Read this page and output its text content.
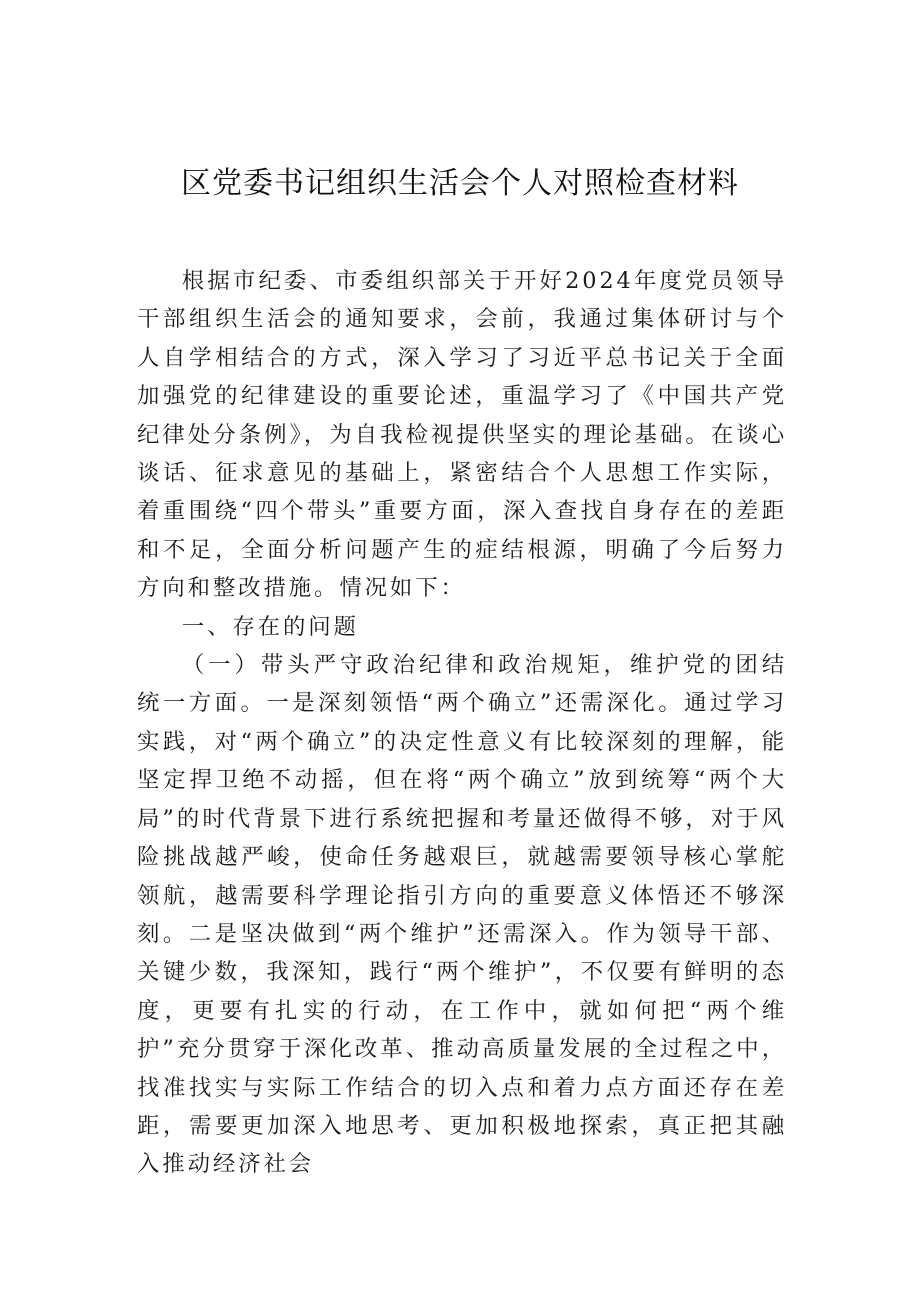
区党委书记组织生活会个人对照检查材料

根据市纪委、市委组织部关于开好2024年度党员领导干部组织生活会的通知要求，会前，我通过集体研讨与个人自学相结合的方式，深入学习了习近平总书记关于全面加强党的纪律建设的重要论述，重温学习了《中国共产党纪律处分条例》，为自我检视提供坚实的理论基础。在谈心谈话、征求意见的基础上，紧密结合个人思想工作实际，着重围绕“四个带头”重要方面，深入查找自身存在的差距和不足，全面分析问题产生的症结根源，明确了今后努力方向和整改措施。情况如下：

一、存在的问题

（一）带头严守政治纪律和政治规矩，维护党的团结统一方面。一是深刻领悟“两个确立”还需深化。通过学习实践，对“两个确立”的决定性意义有比较深刻的理解，能坚定捍卫绝不动摇，但在将“两个确立”放到统筹“两个大局”的时代背景下进行系统把握和考量还做得不够，对于风险挑战越严峻，使命任务越艰巨，就越需要领导核心掌舵领航，越需要科学理论指引方向的重要意义体悟还不够深刻。二是坚决做到“两个维护”还需深入。作为领导干部、关键少数，我深知，践行“两个维护”，不仅要有鲜明的态度，更要有扎实的行动，在工作中，就如何把“两个维护”充分贯穿于深化改革、推动高质量发展的全过程之中，找准找实与实际工作结合的切入点和着力点方面还存在差距，需要更加深入地思考、更加积极地探索，真正把其融入推动经济社会
